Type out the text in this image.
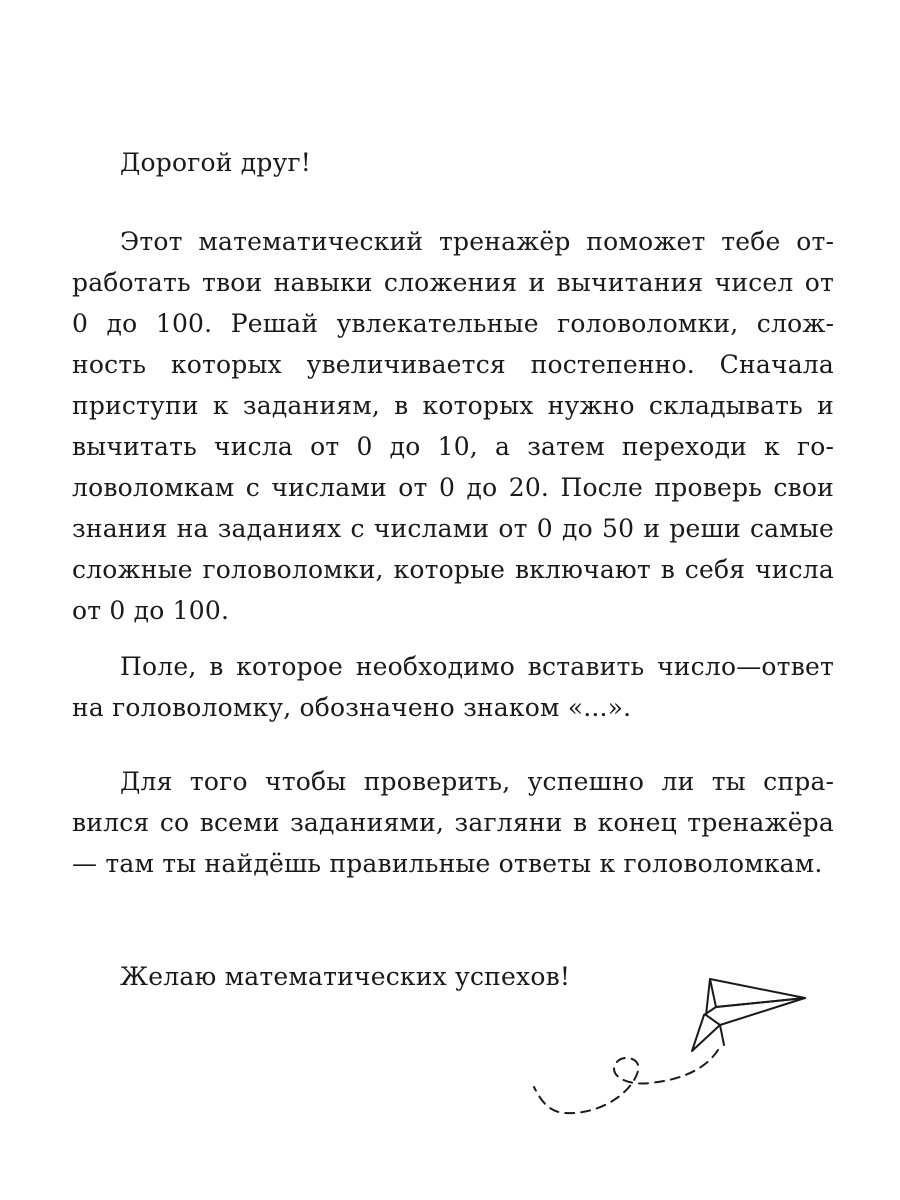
Дорогой друг!

Этот математический тренажёр поможет тебе отработать твои навыки сложения и вычитания чисел от 0 до 100. Решай увлекательные головоломки, сложность которых увеличивается постепенно. Сначала приступи к заданиям, в которых нужно складывать и вычитать числа от 0 до 10, а затем переходи к головоломкам с числами от 0 до 20. После проверь свои знания на заданиях с числами от 0 до 50 и реши самые сложные головоломки, которые включают в себя числа от 0 до 100.

Поле, в которое необходимо вставить число—ответ на головоломку, обозначено знаком «...».

Для того чтобы проверить, успешно ли ты справился со всеми заданиями, загляни в конец тренажёра — там ты найдёшь правильные ответы к головоломкам.

Желаю математических успехов!
